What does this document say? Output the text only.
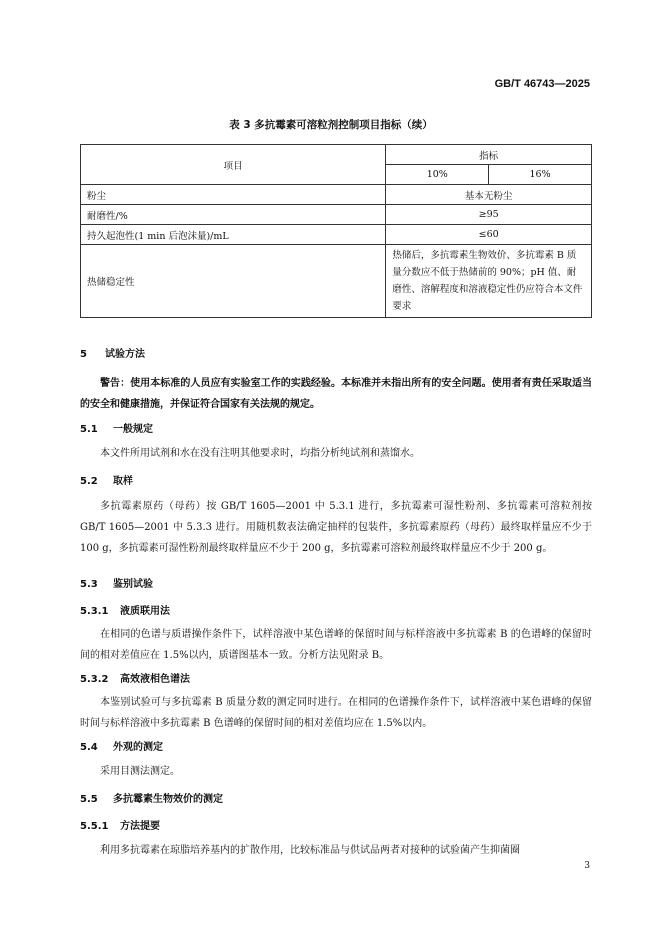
GB/T 46743—2025
表 3 多抗霉素可溶粒剂控制项目指标（续）
项目	指标	
	10%	16%
粉尘	基本无粉尘	
耐磨性/%	≥95	
持久起泡性(1 min 后泡沫量)/mL	≤60	
热储稳定性	热储后，多抗霉素生物效价、多抗霉素 B 质量分数应不低于热储前的 90%；pH 值、耐磨性、溶解程度和溶液稳定性仍应符合本文件要求	
5 试验方法

警告：使用本标准的人员应有实验室工作的实践经验。本标准并未指出所有的安全问题。使用者有责任采取适当的安全和健康措施，并保证符合国家有关法规的规定。

5.1 一般规定

本文件所用试剂和水在没有注明其他要求时，均指分析纯试剂和蒸馏水。

5.2 取样

多抗霉素原药（母药）按 GB/T 1605—2001 中 5.3.1 进行，多抗霉素可湿性粉剂、多抗霉素可溶粒剂按 GB/T 1605—2001 中 5.3.3 进行。用随机数表法确定抽样的包装件，多抗霉素原药（母药）最终取样量应不少于 100 g，多抗霉素可湿性粉剂最终取样量应不少于 200 g，多抗霉素可溶粒剂最终取样量应不少于 200 g。

5.3 鉴别试验
5.3.1 液质联用法

在相同的色谱与质谱操作条件下，试样溶液中某色谱峰的保留时间与标样溶液中多抗霉素 B 的色谱峰的保留时间的相对差值应在 1.5%以内，质谱图基本一致。分析方法见附录 B。

5.3.2 高效液相色谱法

本鉴别试验可与多抗霉素 B 质量分数的测定同时进行。在相同的色谱操作条件下，试样溶液中某色谱峰的保留时间与标样溶液中多抗霉素 B 色谱峰的保留时间的相对差值均应在 1.5%以内。

5.4 外观的测定

采用目测法测定。

5.5 多抗霉素生物效价的测定
5.5.1 方法提要

利用多抗霉素在琼脂培养基内的扩散作用，比较标准品与供试品两者对接种的试验菌产生抑菌圈

3
